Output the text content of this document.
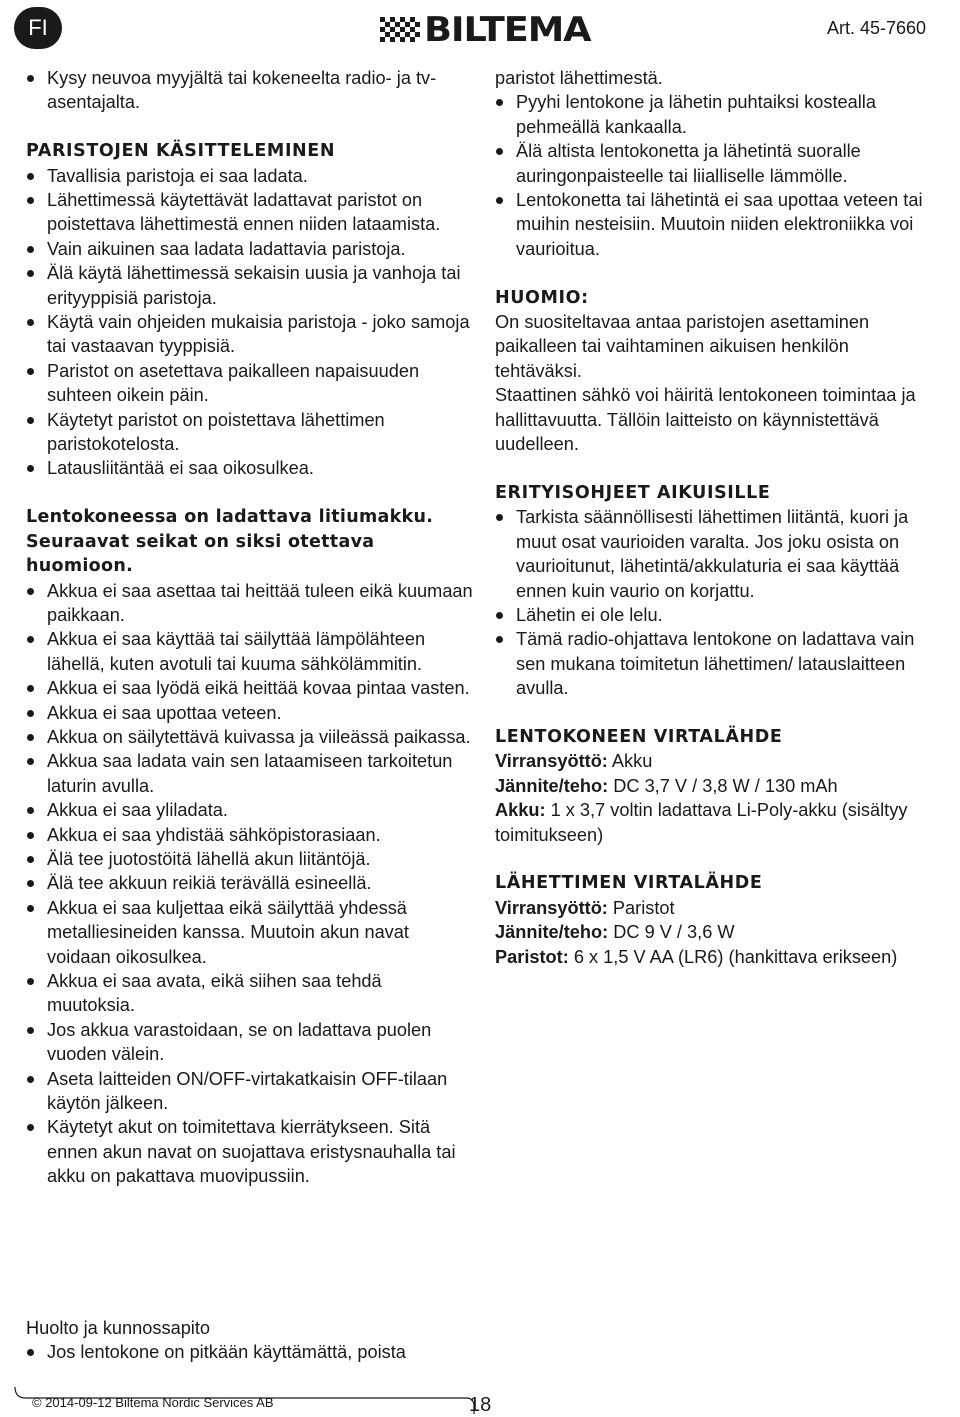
FI	BILTEMA	Art. 45-7660

Kysy neuvoa myyjältä tai kokeneelta radio- ja tv-asentajalta.

PARISTOJEN KÄSITTELEMINEN

Tavallisia paristoja ei saa ladata.

Lähettimessä käytettävät ladattavat paristot on poistettava lähettimestä ennen niiden lataamista.

Vain aikuinen saa ladata ladattavia paristoja.

Älä käytä lähettimessä sekaisin uusia ja vanhoja tai erityyppisiä paristoja.

Käytä vain ohjeiden mukaisia paristoja - joko samoja tai vastaavan tyyppisiä.

Paristot on asetettava paikalleen napaisuuden suhteen oikein päin.

Käytetyt paristot on poistettava lähettimen paristokotelosta.

Latausliitäntää ei saa oikosulkea.

Lentokoneessa on ladattava litiumakku. Seuraavat seikat on siksi otettava huomioon.

Akkua ei saa asettaa tai heittää tuleen eikä kuumaan paikkaan.

Akkua ei saa käyttää tai säilyttää lämpölähteen lähellä, kuten avotuli tai kuuma sähkölämmitin.

Akkua ei saa lyödä eikä heittää kovaa pintaa vasten.

Akkua ei saa upottaa veteen.

Akkua on säilytettävä kuivassa ja viileässä paikassa.

Akkua saa ladata vain sen lataamiseen tarkoitetun laturin avulla.

Akkua ei saa yliladata.

Akkua ei saa yhdistää sähköpistorasiaan.

Älä tee juotostöitä lähellä akun liitäntöjä.

Älä tee akkuun reikiä terävällä esineellä.

Akkua ei saa kuljettaa eikä säilyttää yhdessä metalliesineiden kanssa. Muutoin akun navat voidaan oikosulkea.

Akkua ei saa avata, eikä siihen saa tehdä muutoksia.

Jos akkua varastoidaan, se on ladattava puolen vuoden välein.

Aseta laitteiden ON/OFF-virtakatkaisin OFF-tilaan käytön jälkeen.

Käytetyt akut on toimitettava kierrätykseen. Sitä ennen akun navat on suojattava eristysnauhalla tai akku on pakattava muovipussiin.

Huolto ja kunnossapito

Jos lentokone on pitkään käyttämättä, poista

paristot lähettimestä.

Pyyhi lentokone ja lähetin puhtaiksi kostealla pehmeällä kankaalla.

Älä altista lentokonetta ja lähetintä suoralle auringonpaisteelle tai liialliselle lämmölle.

Lentokonetta tai lähetintä ei saa upottaa veteen tai muihin nesteisiin. Muutoin niiden elektroniikka voi vaurioitua.

HUOMIO:

On suositeltavaa antaa paristojen asettaminen paikalleen tai vaihtaminen aikuisen henkilön tehtäväksi.

Staattinen sähkö voi häiritä lentokoneen toimintaa ja hallittavuutta. Tällöin laitteisto on käynnistettävä uudelleen.

ERITYISOHJEET AIKUISILLE

Tarkista säännöllisesti lähettimen liitäntä, kuori ja muut osat vaurioiden varalta. Jos joku osista on vaurioitunut, lähetintä/akkulaturia ei saa käyttää ennen kuin vaurio on korjattu.

Lähetin ei ole lelu.

Tämä radio-ohjattava lentokone on ladattava vain sen mukana toimitetun lähettimen/ latauslaitteen avulla.

LENTOKONEEN VIRTALÄHDE

Virransyöttö: Akku

Jännite/teho: DC 3,7 V / 3,8 W / 130 mAh

Akku: 1 x 3,7 voltin ladattava Li-Poly-akku (sisältyy toimitukseen)

LÄHETTIMEN VIRTALÄHDE

Virransyöttö: Paristot

Jännite/teho: DC 9 V / 3,6 W

Paristot: 6 x 1,5 V AA (LR6) (hankittava erikseen)

© 2014-09-12 Biltema Nordic Services AB	18
